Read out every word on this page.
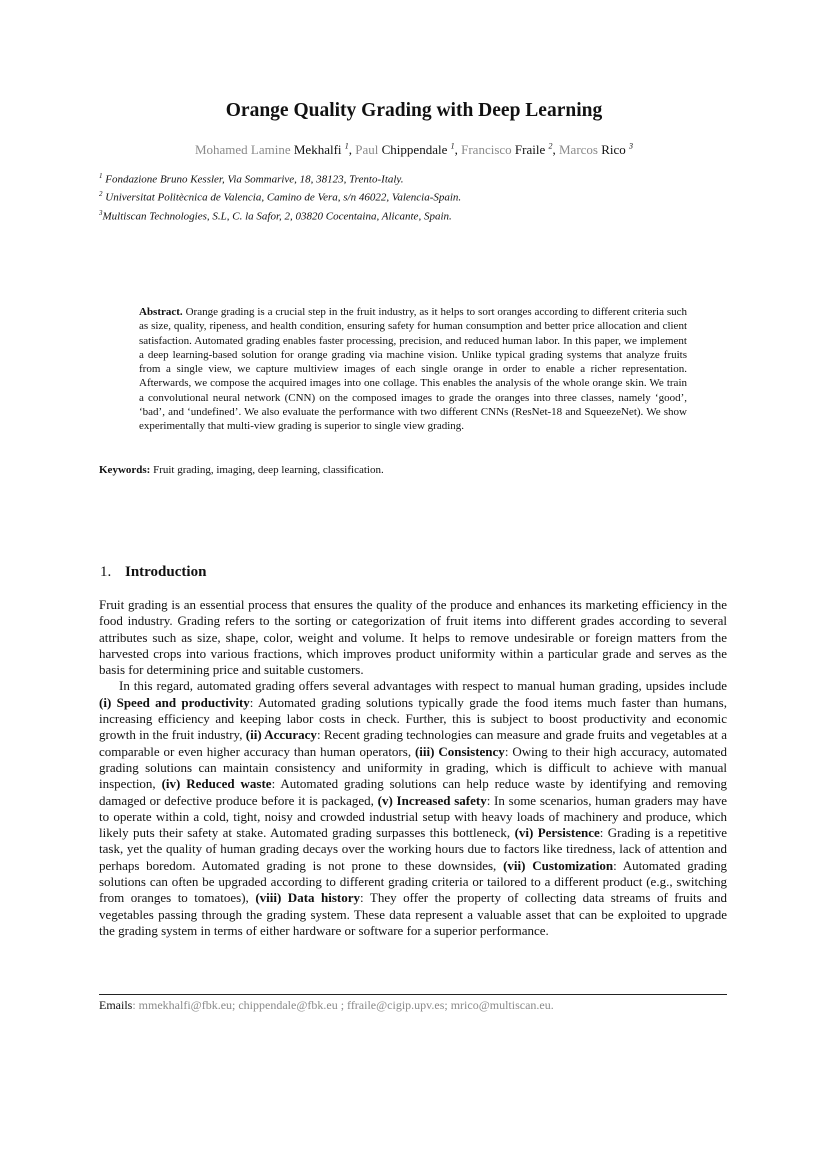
Orange Quality Grading with Deep Learning
Mohamed Lamine Mekhalfi $^1$, Paul Chippendale $^1$, Francisco Fraile $^2$, Marcos Rico $^3$
$^1$ Fondazione Bruno Kessler, Via Sommarive, 18, 38123, Trento-Italy.
$^2$ Universitat Politècnica de Valencia, Camino de Vera, s/n 46022, Valencia-Spain.
$^3$Multiscan Technologies, S.L, C. la Safor, 2, 03820 Cocentaina, Alicante, Spain.
Abstract. Orange grading is a crucial step in the fruit industry, as it helps to sort oranges according to different criteria such as size, quality, ripeness, and health condition, ensuring safety for human consumption and better price allocation and client satisfaction. Automated grading enables faster processing, precision, and reduced human labor. In this paper, we implement a deep learning-based solution for orange grading via machine vision. Unlike typical grading systems that analyze fruits from a single view, we capture multiview images of each single orange in order to enable a richer representation. Afterwards, we compose the acquired images into one collage. This enables the analysis of the whole orange skin. We train a convolutional neural network (CNN) on the composed images to grade the oranges into three classes, namely ‘good’, ‘bad’, and ‘undefined’. We also evaluate the performance with two different CNNs (ResNet-18 and SqueezeNet). We show experimentally that multi-view grading is superior to single view grading.
Keywords: Fruit grading, imaging, deep learning, classification.
1. Introduction

Fruit grading is an essential process that ensures the quality of the produce and enhances its marketing efficiency in the food industry. Grading refers to the sorting or categorization of fruit items into different grades according to several attributes such as size, shape, color, weight and volume. It helps to remove undesirable or foreign matters from the harvested crops into various fractions, which improves product uniformity within a particular grade and serves as the basis for determining price and suitable customers.

In this regard, automated grading offers several advantages with respect to manual human grading, upsides include (i) Speed and productivity: Automated grading solutions typically grade the food items much faster than humans, increasing efficiency and keeping labor costs in check. Further, this is subject to boost productivity and economic growth in the fruit industry, (ii) Accuracy: Recent grading technologies can measure and grade fruits and vegetables at a comparable or even higher accuracy than human operators, (iii) Consistency: Owing to their high accuracy, automated grading solutions can maintain consistency and uniformity in grading, which is difficult to achieve with manual inspection, (iv) Reduced waste: Automated grading solutions can help reduce waste by identifying and removing damaged or defective produce before it is packaged, (v) Increased safety: In some scenarios, human graders may have to operate within a cold, tight, noisy and crowded industrial setup with heavy loads of machinery and produce, which likely puts their safety at stake. Automated grading surpasses this bottleneck, (vi) Persistence: Grading is a repetitive task, yet the quality of human grading decays over the working hours due to factors like tiredness, lack of attention and perhaps boredom. Automated grading is not prone to these downsides, (vii) Customization: Automated grading solutions can often be upgraded according to different grading criteria or tailored to a different product (e.g., switching from oranges to tomatoes), (viii) Data history: They offer the property of collecting data streams of fruits and vegetables passing through the grading system. These data represent a valuable asset that can be exploited to upgrade the grading system in terms of either hardware or software for a superior performance.

Emails: mmekhalfi@fbk.eu; chippendale@fbk.eu ; ffraile@cigip.upv.es; mrico@multiscan.eu.
